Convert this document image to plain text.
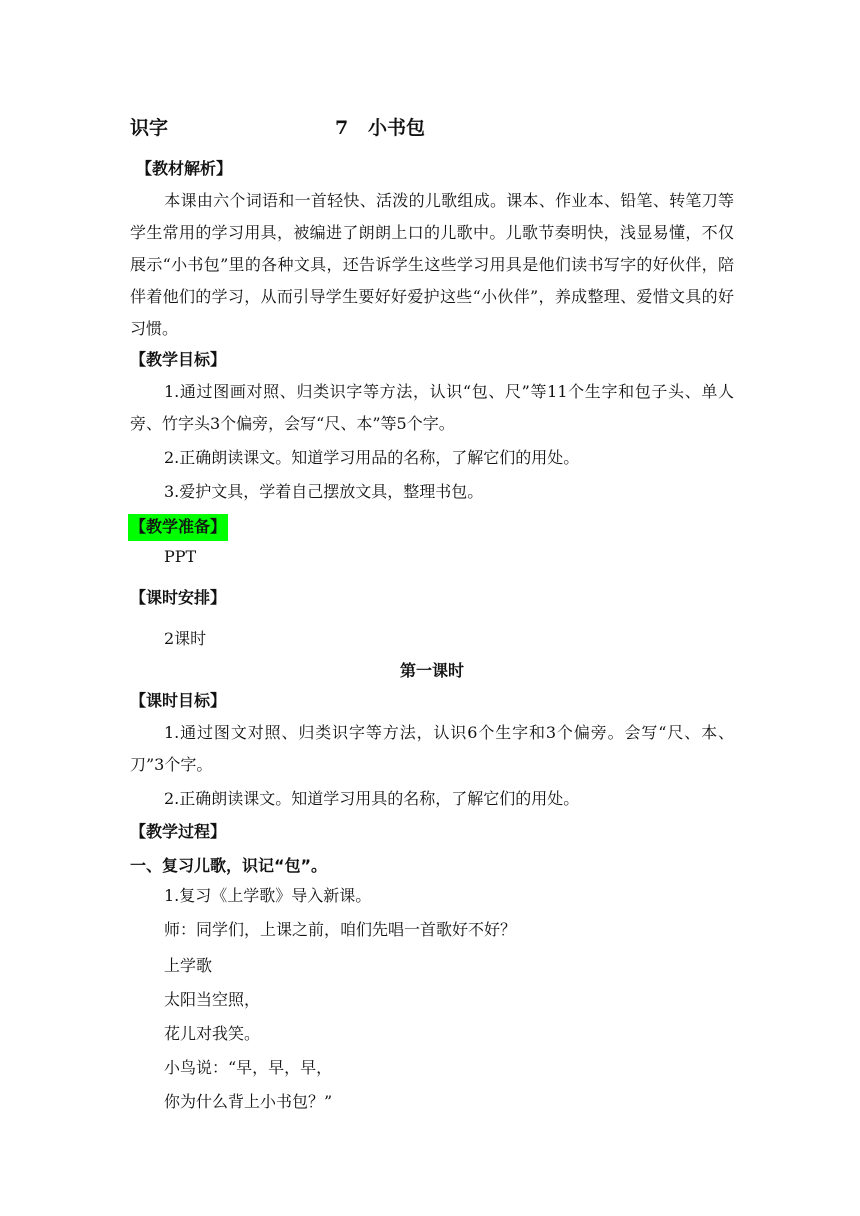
识字	7 小书包
【教材解析】
本课由六个词语和一首轻快、活泼的儿歌组成。课本、作业本、铅笔、转笔刀等学生常用的学习用具，被编进了朗朗上口的儿歌中。儿歌节奏明快，浅显易懂，不仅展示“小书包”里的各种文具，还告诉学生这些学习用具是他们读书写字的好伙伴，陪伴着他们的学习，从而引导学生要好好爱护这些“小伙伴”，养成整理、爱惜文具的好习惯。
【教学目标】
1.通过图画对照、归类识字等方法，认识“包、尺”等11个生字和包子头、单人旁、竹字头3个偏旁，会写“尺、本”等5个字。
2.正确朗读课文。知道学习用品的名称，了解它们的用处。
3.爱护文具，学着自己摆放文具，整理书包。
【教学准备】
PPT
【课时安排】
2课时
第一课时
【课时目标】
1.通过图文对照、归类识字等方法，认识6个生字和3个偏旁。会写“尺、本、刀”3个字。
2.正确朗读课文。知道学习用具的名称，了解它们的用处。
【教学过程】
一、复习儿歌，识记“包”。
1.复习《上学歌》导入新课。
师：同学们，上课之前，咱们先唱一首歌好不好？
上学歌
太阳当空照，
花儿对我笑。
小鸟说：“早，早，早，
你为什么背上小书包？”
